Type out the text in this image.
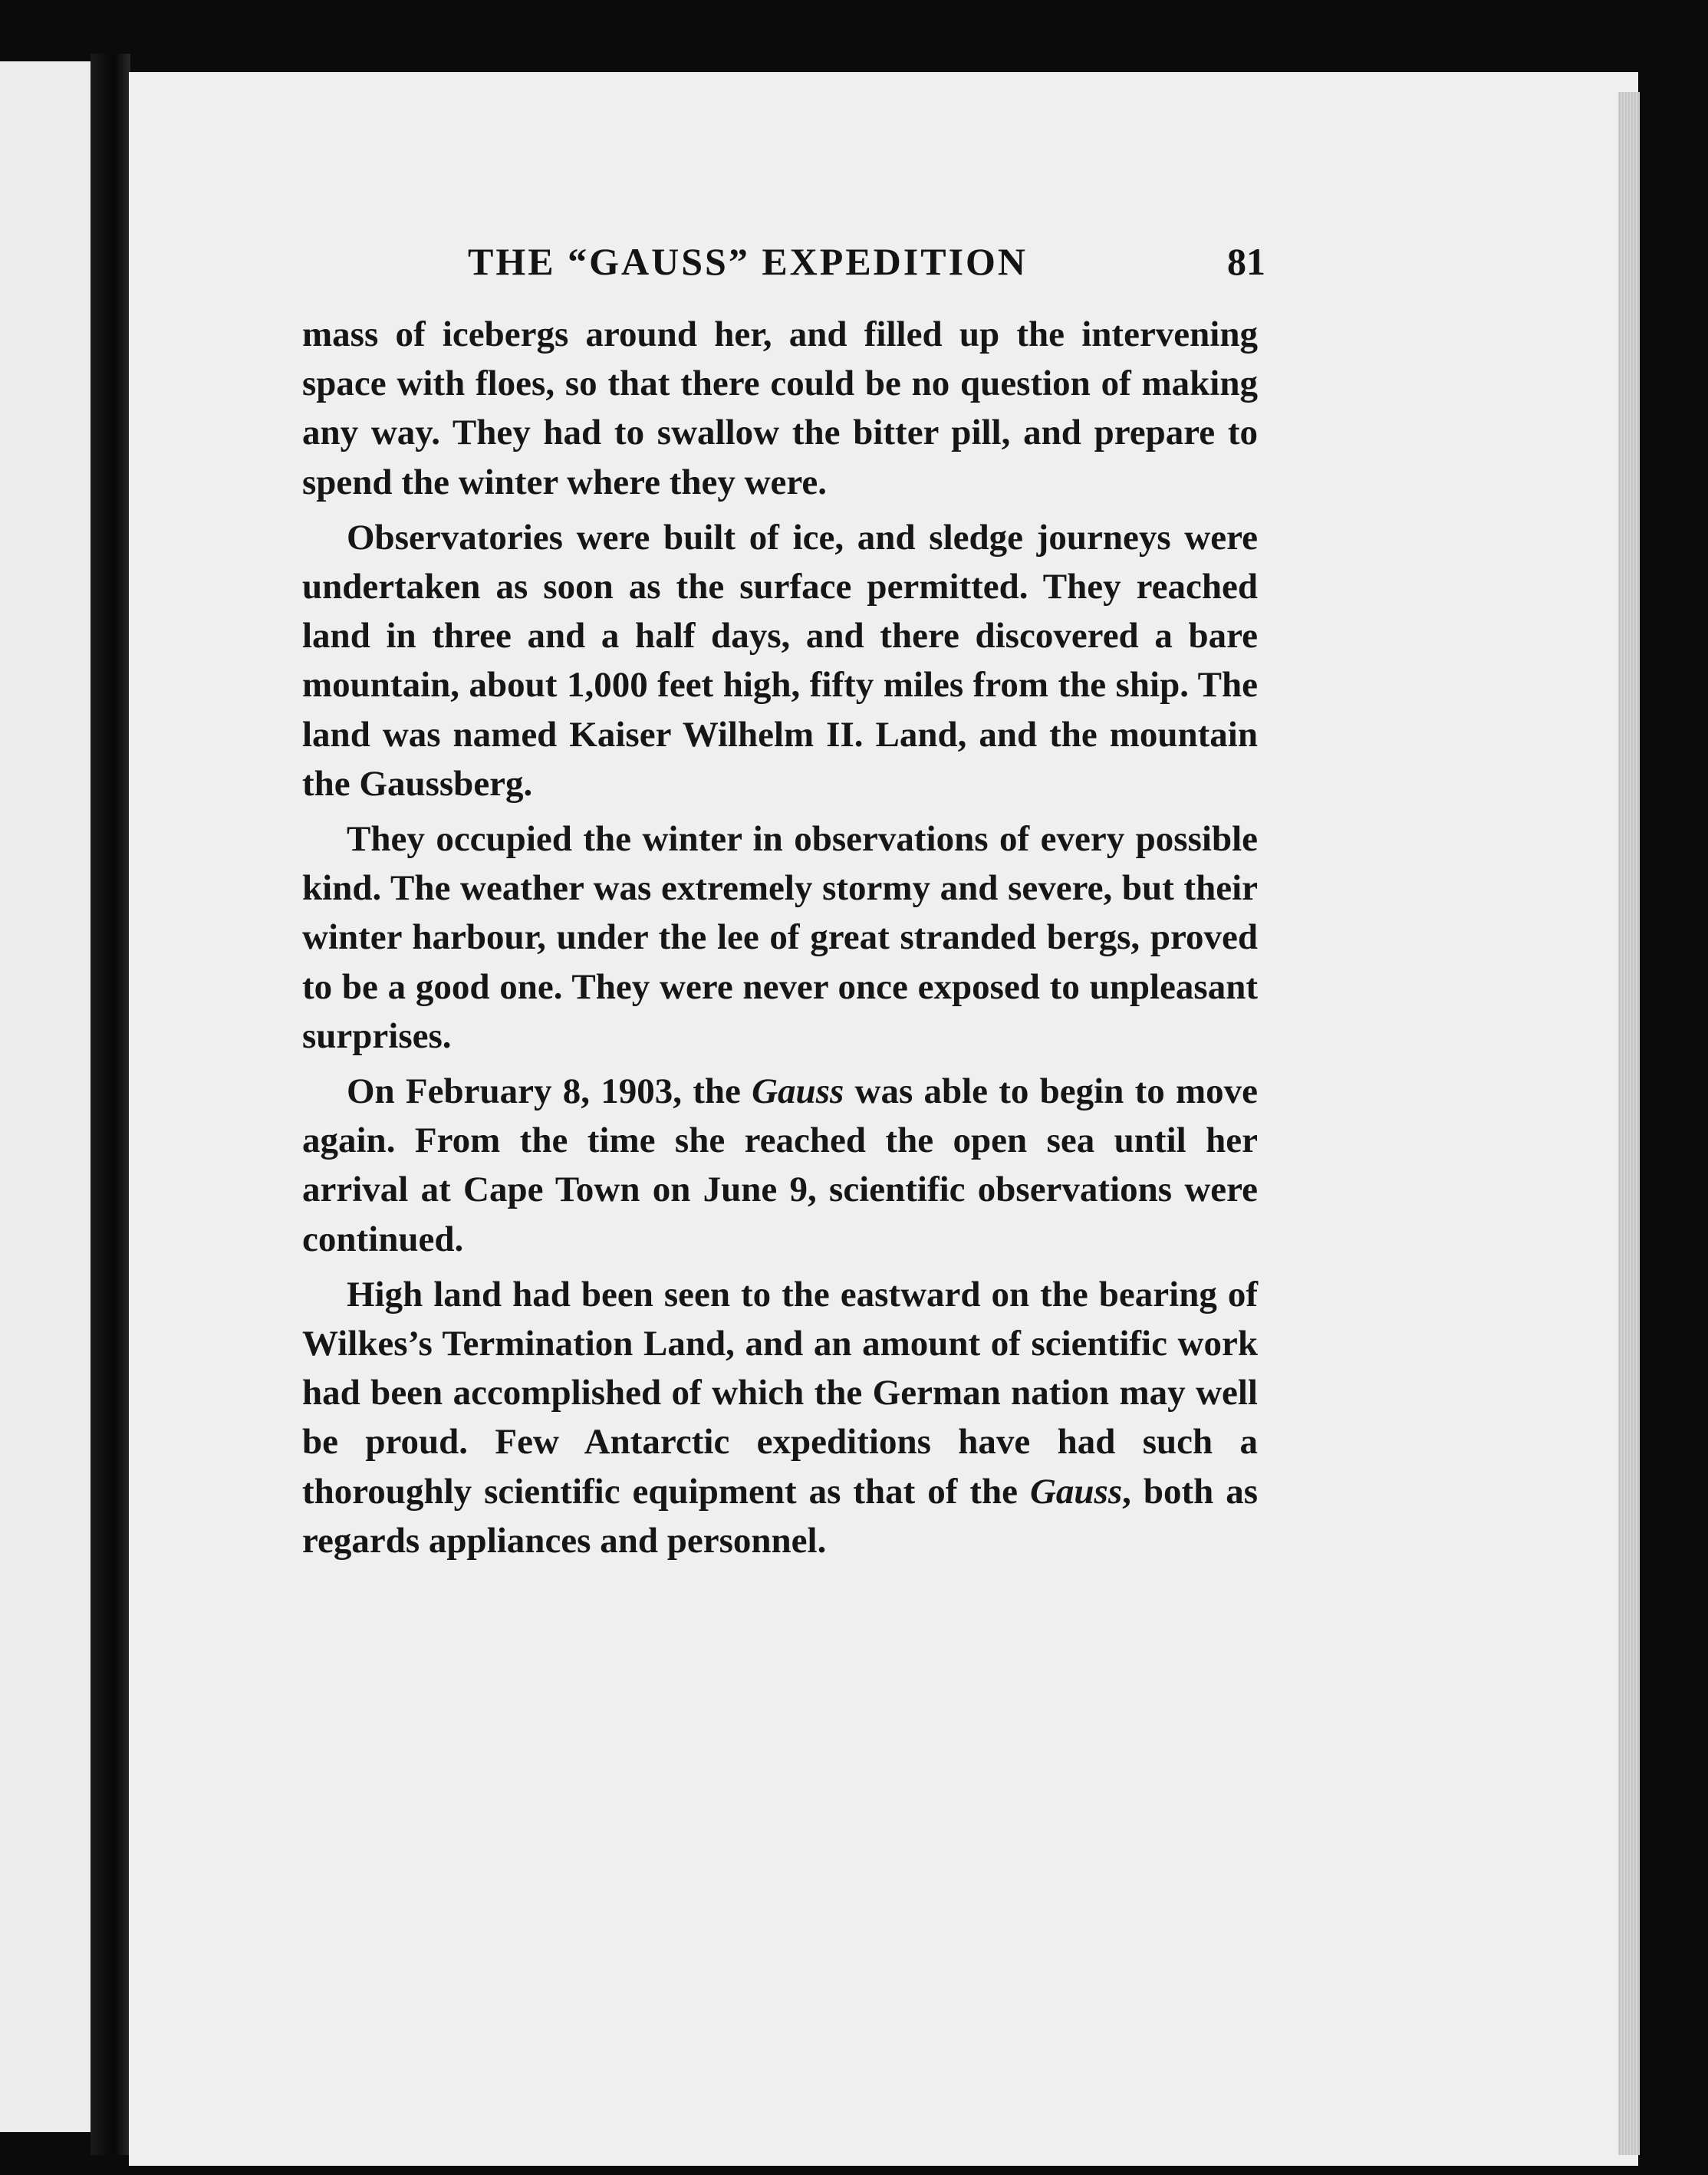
THE “GAUSS” EXPEDITION	81

mass of icebergs around her, and filled up the intervening space with floes, so that there could be no question of making any way. They had to swallow the bitter pill, and prepare to spend the winter where they were.

Observatories were built of ice, and sledge journeys were undertaken as soon as the surface permitted. They reached land in three and a half days, and there discovered a bare mountain, about 1,000 feet high, fifty miles from the ship. The land was named Kaiser Wilhelm II. Land, and the mountain the Gaussberg.

They occupied the winter in observations of every possible kind. The weather was extremely stormy and severe, but their winter harbour, under the lee of great stranded bergs, proved to be a good one. They were never once exposed to unpleasant surprises.

On February 8, 1903, the Gauss was able to begin to move again. From the time she reached the open sea until her arrival at Cape Town on June 9, scientific observations were continued.

High land had been seen to the eastward on the bearing of Wilkes’s Termination Land, and an amount of scientific work had been accomplished of which the German nation may well be proud. Few Antarctic expeditions have had such a thoroughly scientific equipment as that of the Gauss, both as regards appliances and personnel.
